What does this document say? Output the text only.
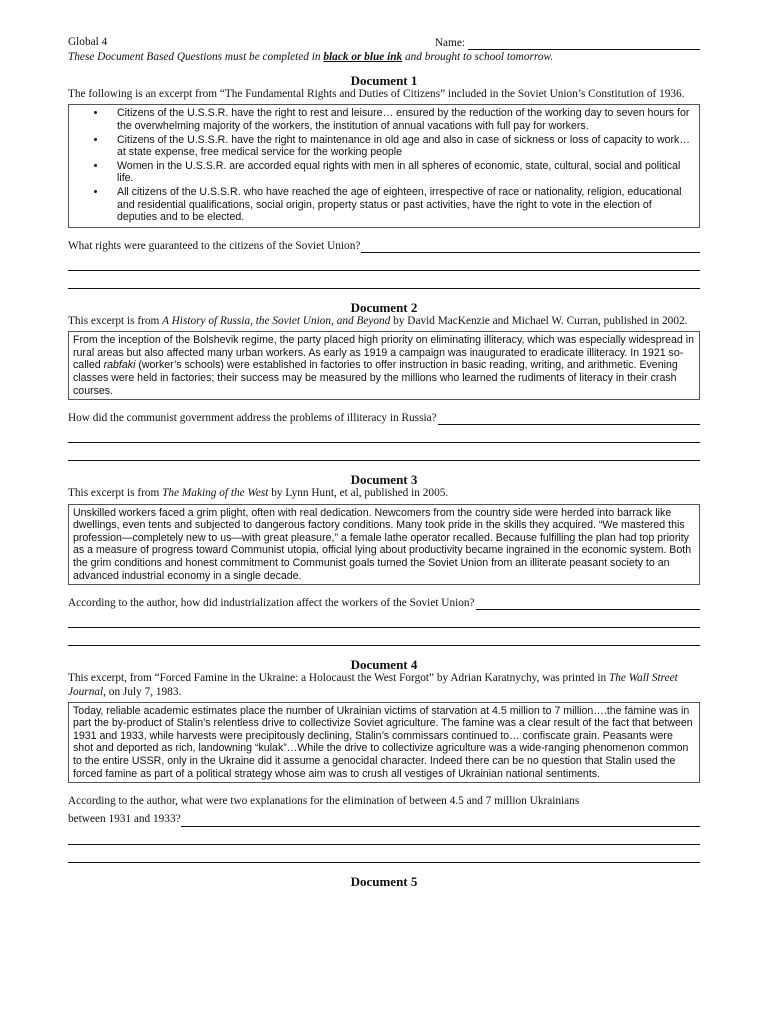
Global 4	Name:
These Document Based Questions must be completed in black or blue ink and brought to school tomorrow.
Document 1
The following is an excerpt from “The Fundamental Rights and Duties of Citizens” included in the Soviet Union’s Constitution of 1936.
• Citizens of the U.S.S.R. have the right to rest and leisure… ensured by the reduction of the working day to seven hours for the overwhelming majority of the workers, the institution of annual vacations with full pay for workers.
• Citizens of the U.S.S.R. have the right to maintenance in old age and also in case of sickness or loss of capacity to work…at state expense, free medical service for the working people
• Women in the U.S.S.R. are accorded equal rights with men in all spheres of economic, state, cultural, social and political life.
• All citizens of the U.S.S.R. who have reached the age of eighteen, irrespective of race or nationality, religion, educational and residential qualifications, social origin, property status or past activities, have the right to vote in the election of deputies and to be elected.
What rights were guaranteed to the citizens of the Soviet Union?
Document 2
This excerpt is from A History of Russia, the Soviet Union, and Beyond by David MacKenzie and Michael W. Curran, published in 2002.
From the inception of the Bolshevik regime, the party placed high priority on eliminating illiteracy, which was especially widespread in rural areas but also affected many urban workers. As early as 1919 a campaign was inaugurated to eradicate illiteracy. In 1921 so-called rabfaki (worker’s schools) were established in factories to offer instruction in basic reading, writing, and arithmetic. Evening classes were held in factories; their success may be measured by the millions who learned the rudiments of literacy in their crash courses.
How did the communist government address the problems of illiteracy in Russia?
Document 3
This excerpt is from The Making of the West by Lynn Hunt, et al, published in 2005.
Unskilled workers faced a grim plight, often with real dedication. Newcomers from the country side were herded into barrack like dwellings, even tents and subjected to dangerous factory conditions. Many took pride in the skills they acquired. “We mastered this profession—completely new to us—with great pleasure,” a female lathe operator recalled. Because fulfilling the plan had top priority as a measure of progress toward Communist utopia, official lying about productivity became ingrained in the economic system. Both the grim conditions and honest commitment to Communist goals turned the Soviet Union from an illiterate peasant society to an advanced industrial economy in a single decade.
According to the author, how did industrialization affect the workers of the Soviet Union?
Document 4
This excerpt, from “Forced Famine in the Ukraine: a Holocaust the West Forgot” by Adrian Karatnychy, was printed in The Wall Street Journal, on July 7, 1983.
Today, reliable academic estimates place the number of Ukrainian victims of starvation at 4.5 million to 7 million….the famine was in part the by-product of Stalin’s relentless drive to collectivize Soviet agriculture. The famine was a clear result of the fact that between 1931 and 1933, while harvests were precipitously declining, Stalin’s commissars continued to… confiscate grain. Peasants were shot and deported as rich, landowning “kulak”…While the drive to collectivize agriculture was a wide-ranging phenomenon common to the entire USSR, only in the Ukraine did it assume a genocidal character. Indeed there can be no question that Stalin used the forced famine as part of a political strategy whose aim was to crush all vestiges of Ukrainian national sentiments.
According to the author, what were two explanations for the elimination of between 4.5 and 7 million Ukrainians
between 1931 and 1933?
Document 5
